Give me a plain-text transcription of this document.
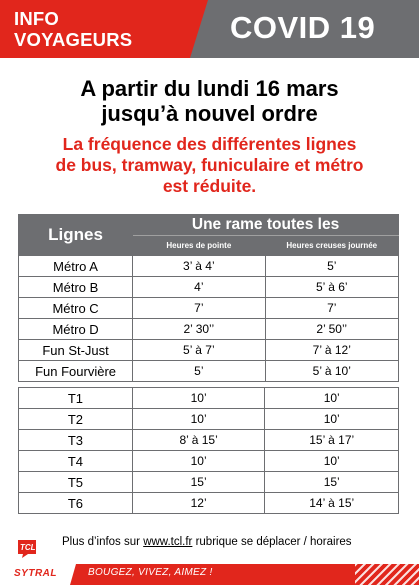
INFO
VOYAGEURS	COVID 19
A partir du lundi 16 mars
jusqu’à nouvel ordre
La fréquence des différentes lignes
de bus, tramway, funiculaire et métro
est réduite.
Lignes	Une rame toutes les	
	Heures de pointe	Heures creuses journée
Métro A	3’ à 4’	5’
Métro B	4’	5’ à 6’
Métro C	7’	7’
Métro D	2’ 30’’	2’ 50’’
Fun St-Just	5’ à 7’	7’ à 12’
Fun Fourvière	5’	5’ à 10’
T1	10’	10’
T2	10’	10’
T3	8’ à 15’	15’ à 17’
T4	10’	10’
T5	15’	15’
T6	12’	14’ à 15’
TCL
SYTRAL
Plus d’infos sur www.tcl.fr rubrique se déplacer / horaires
BOUGEZ, VIVEZ, AIMEZ !
